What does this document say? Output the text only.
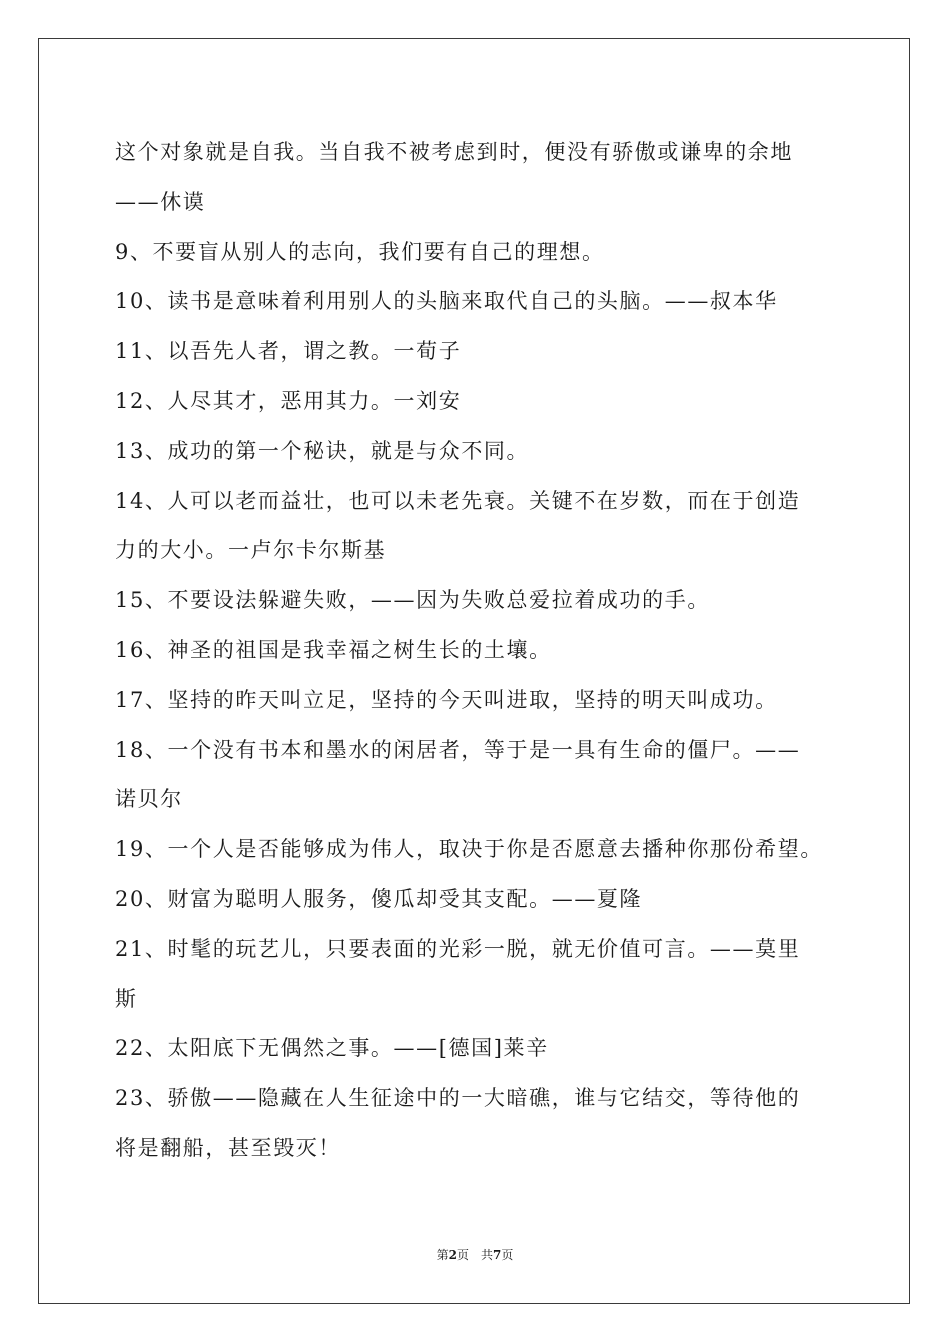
这个对象就是自我。当自我不被考虑到时，便没有骄傲或谦卑的余地
——休谟
9、不要盲从别人的志向，我们要有自己的理想。
10、读书是意味着利用别人的头脑来取代自己的头脑。——叔本华
11、以吾先人者，谓之教。一荀子
12、人尽其才，恶用其力。一刘安
13、成功的第一个秘诀，就是与众不同。
14、人可以老而益壮，也可以未老先衰。关键不在岁数，而在于创造
力的大小。一卢尔卡尔斯基
15、不要设法躲避失败，——因为失败总爱拉着成功的手。
16、神圣的祖国是我幸福之树生长的土壤。
17、坚持的昨天叫立足，坚持的今天叫进取，坚持的明天叫成功。
18、一个没有书本和墨水的闲居者，等于是一具有生命的僵尸。——
诺贝尔
19、一个人是否能够成为伟人，取决于你是否愿意去播种你那份希望。
20、财富为聪明人服务，傻瓜却受其支配。——夏隆
21、时髦的玩艺儿，只要表面的光彩一脱，就无价值可言。——莫里
斯
22、太阳底下无偶然之事。——[德国]莱辛
23、骄傲——隐藏在人生征途中的一大暗礁，谁与它结交，等待他的
将是翻船，甚至毁灭！
第2页 共7页
